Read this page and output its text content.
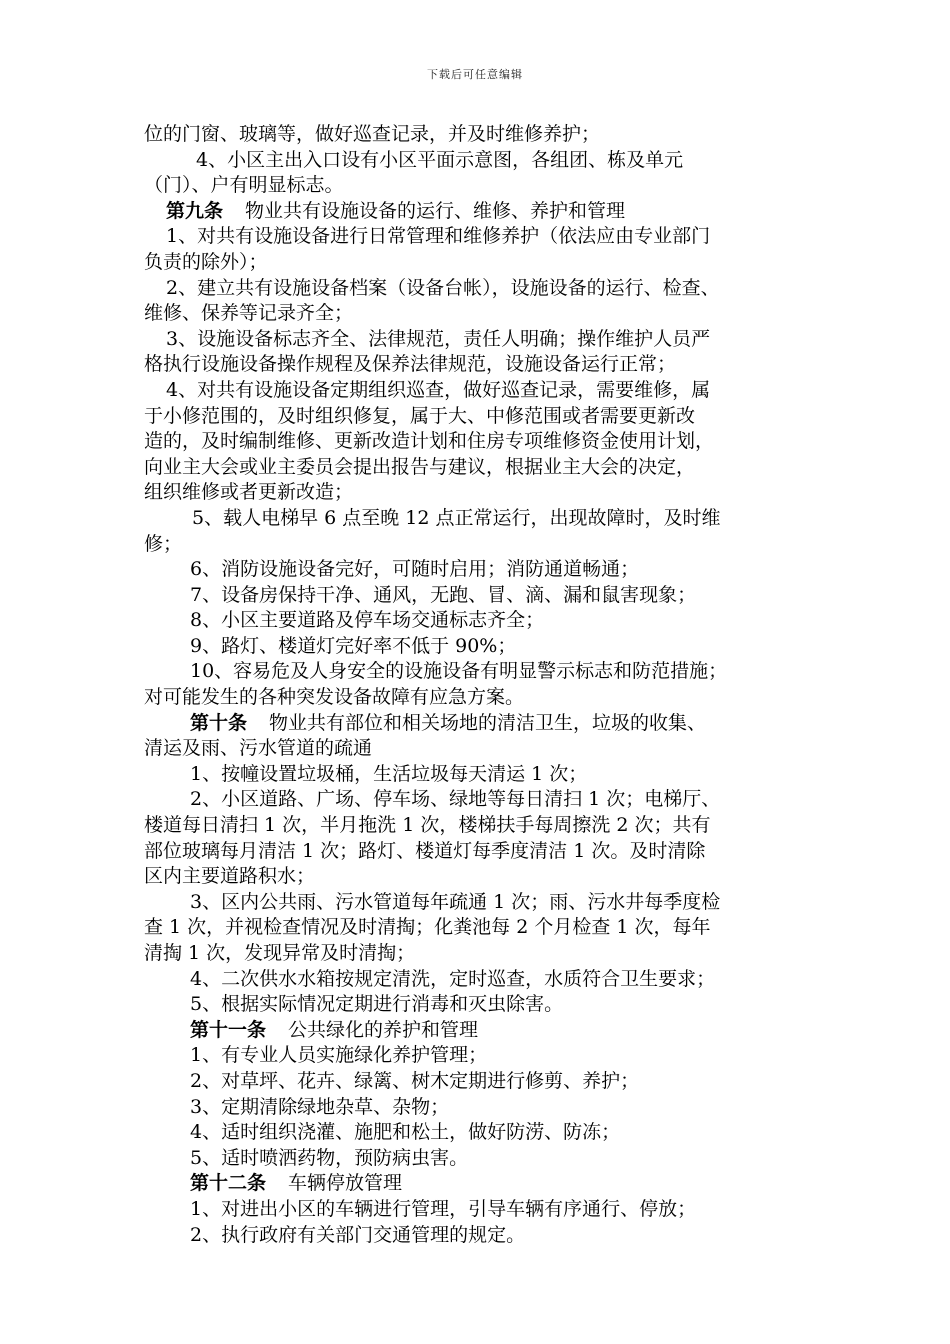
下载后可任意编辑
位的门窗、玻璃等，做好巡查记录，并及时维修养护；
4、小区主出入口设有小区平面示意图，各组团、栋及单元
（门）、户有明显标志。
第九条 物业共有设施设备的运行、维修、养护和管理
1、对共有设施设备进行日常管理和维修养护（依法应由专业部门
负责的除外）；
2、建立共有设施设备档案（设备台帐），设施设备的运行、检查、
维修、保养等记录齐全；
3、设施设备标志齐全、法律规范，责任人明确；操作维护人员严
格执行设施设备操作规程及保养法律规范，设施设备运行正常；
4、对共有设施设备定期组织巡查，做好巡查记录，需要维修，属
于小修范围的，及时组织修复，属于大、中修范围或者需要更新改
造的，及时编制维修、更新改造计划和住房专项维修资金使用计划，
向业主大会或业主委员会提出报告与建议，根据业主大会的决定，
组织维修或者更新改造；
5、载人电梯早 6 点至晚 12 点正常运行，出现故障时，及时维
修；
6、消防设施设备完好，可随时启用；消防通道畅通；
7、设备房保持干净、通风，无跑、冒、滴、漏和鼠害现象；
8、小区主要道路及停车场交通标志齐全；
9、路灯、楼道灯完好率不低于 90%；
10、容易危及人身安全的设施设备有明显警示标志和防范措施；
对可能发生的各种突发设备故障有应急方案。
第十条 物业共有部位和相关场地的清洁卫生，垃圾的收集、
清运及雨、污水管道的疏通
1、按幢设置垃圾桶，生活垃圾每天清运 1 次；
2、小区道路、广场、停车场、绿地等每日清扫 1 次；电梯厅、
楼道每日清扫 1 次，半月拖洗 1 次，楼梯扶手每周擦洗 2 次；共有
部位玻璃每月清洁 1 次；路灯、楼道灯每季度清洁 1 次。及时清除
区内主要道路积水；
3、区内公共雨、污水管道每年疏通 1 次；雨、污水井每季度检
查 1 次，并视检查情况及时清掏；化粪池每 2 个月检查 1 次，每年
清掏 1 次，发现异常及时清掏；
4、二次供水水箱按规定清洗，定时巡查，水质符合卫生要求；
5、根据实际情况定期进行消毒和灭虫除害。
第十一条 公共绿化的养护和管理
1、有专业人员实施绿化养护管理；
2、对草坪、花卉、绿篱、树木定期进行修剪、养护；
3、定期清除绿地杂草、杂物；
4、适时组织浇灌、施肥和松土，做好防涝、防冻；
5、适时喷洒药物，预防病虫害。
第十二条 车辆停放管理
1、对进出小区的车辆进行管理，引导车辆有序通行、停放；
2、执行政府有关部门交通管理的规定。
